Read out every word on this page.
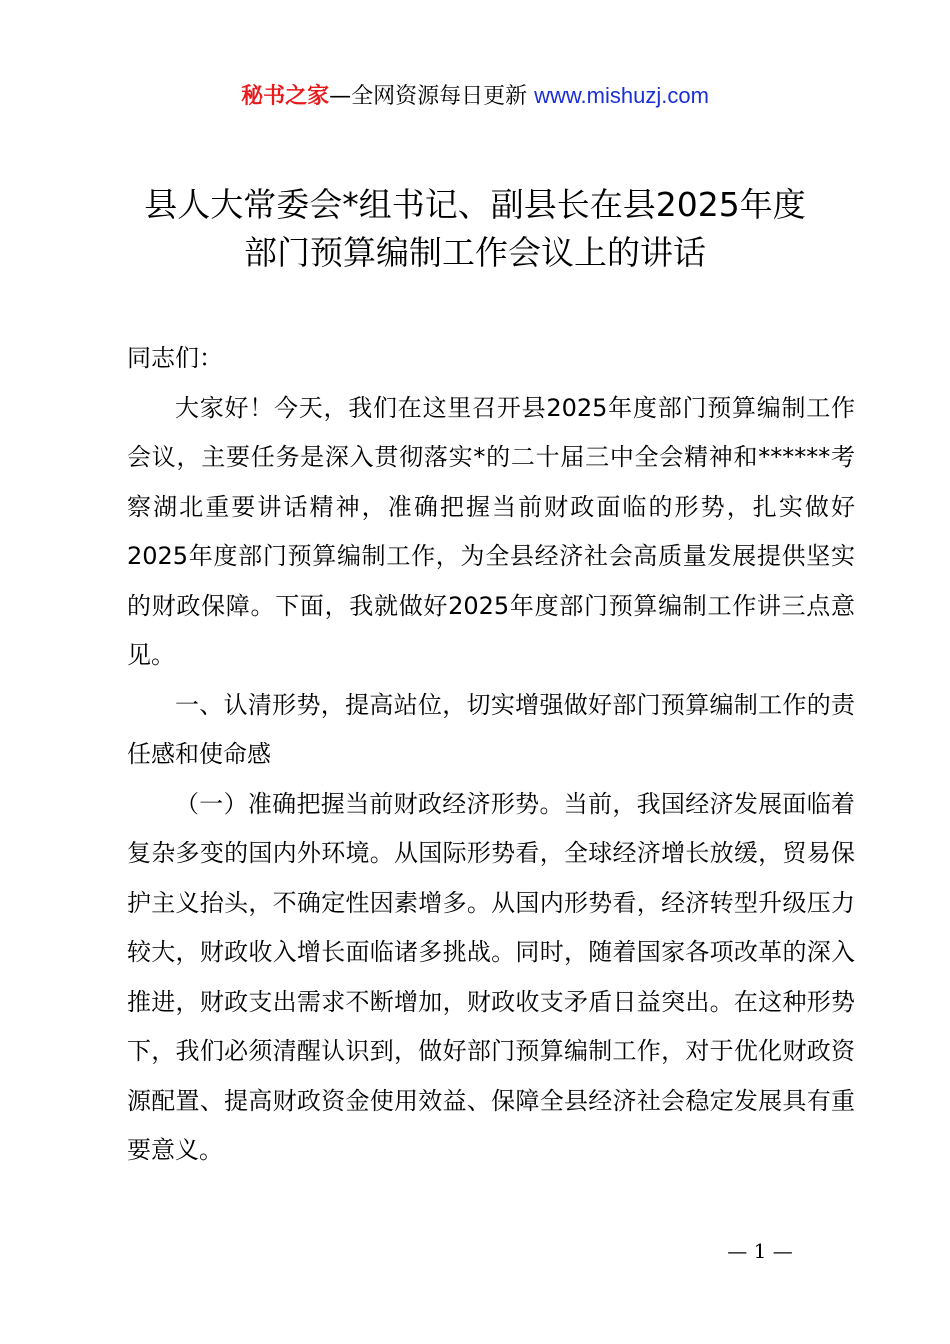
秘书之家—全网资源每日更新 www.mishuzj.com
县人大常委会*组书记、副县长在县2025年度
部门预算编制工作会议上的讲话

同志们：

大家好！今天，我们在这里召开县2025年度部门预算编制工作会议，主要任务是深入贯彻落实*的二十届三中全会精神和******考察湖北重要讲话精神，准确把握当前财政面临的形势，扎实做好2025年度部门预算编制工作，为全县经济社会高质量发展提供坚实的财政保障。下面，我就做好2025年度部门预算编制工作讲三点意见。

一、认清形势，提高站位，切实增强做好部门预算编制工作的责任感和使命感

（一）准确把握当前财政经济形势。当前，我国经济发展面临着复杂多变的国内外环境。从国际形势看，全球经济增长放缓，贸易保护主义抬头，不确定性因素增多。从国内形势看，经济转型升级压力较大，财政收入增长面临诸多挑战。同时，随着国家各项改革的深入推进，财政支出需求不断增加，财政收支矛盾日益突出。在这种形势下，我们必须清醒认识到，做好部门预算编制工作，对于优化财政资源配置、提高财政资金使用效益、保障全县经济社会稳定发展具有重要意义。

— 1 —
